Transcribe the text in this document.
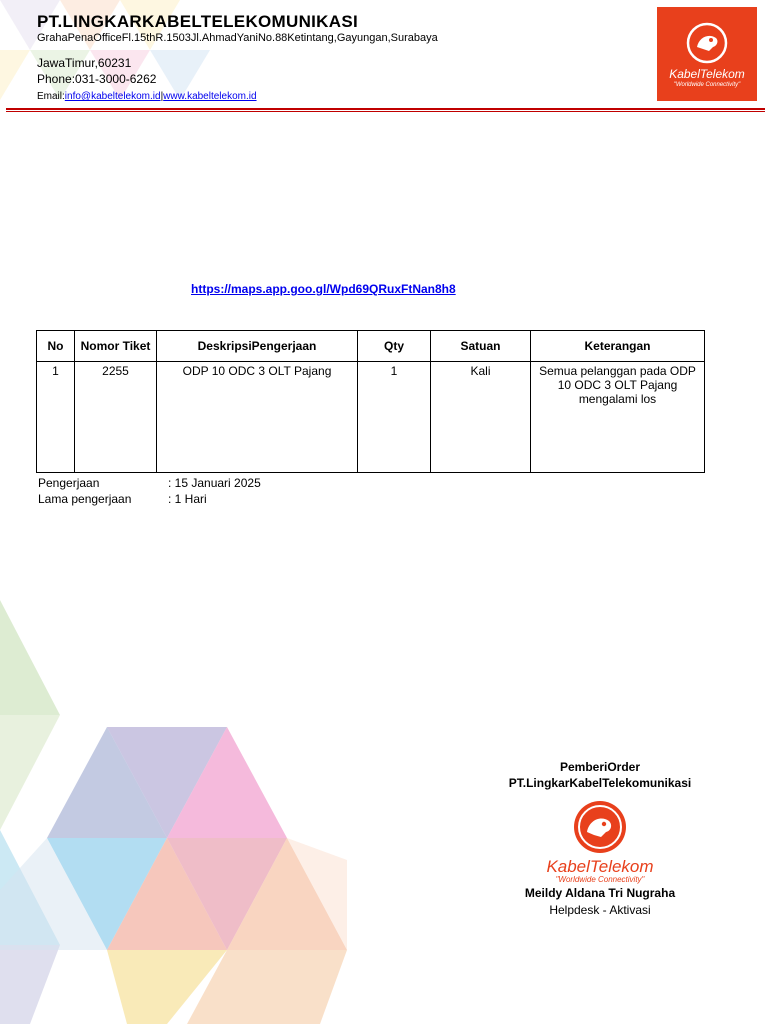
PT.LINGKARKABELTELEKOMUNIKASI
GrahaPenaOfficeFl.15thR.1503Jl.AhmadYaniNo.88Ketintang,Gayungan,Surabaya
JawaTimur,60231
Phone:031-3000-6262
Email:info@kabeltelekom.id|www.kabeltelekom.id
KabelTelekom
"Worldwide Connectivity"
https://maps.app.goo.gl/Wpd69QRuxFtNan8h8
No	Nomor Tiket	DeskripsiPengerjaan	Qty	Satuan	Keterangan
1	2255	ODP 10 ODC 3 OLT Pajang	1	Kali	Semua pelanggan pada ODP 10 ODC 3 OLT Pajang mengalami los
Pengerjaan	: 15 Januari 2025
Lama pengerjaan	: 1 Hari
PemberiOrder
PT.LingkarKabelTelekomunikasi
KabelTelekom
"Worldwide Connectivity"
Meildy Aldana Tri Nugraha
Helpdesk - Aktivasi
